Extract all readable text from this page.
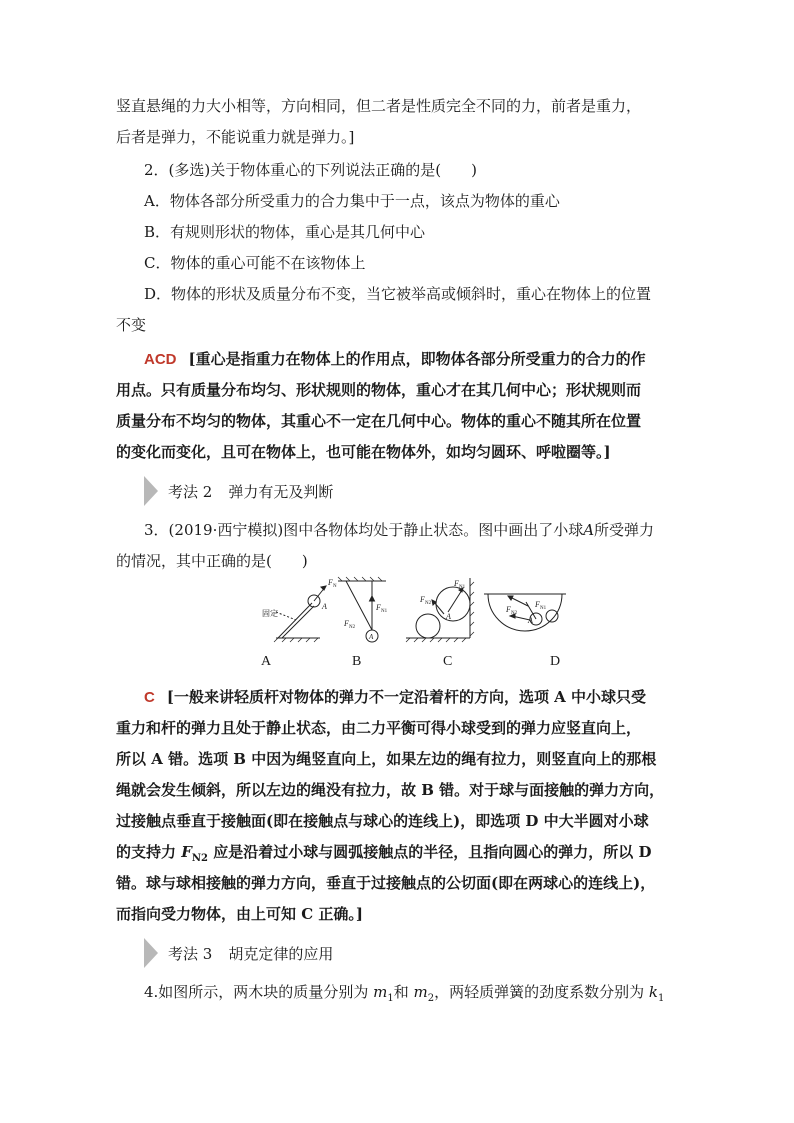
竖直悬绳的力大小相等，方向相同，但二者是性质完全不同的力，前者是重力，

后者是弹力，不能说重力就是弹力。]

2．(多选)关于物体重心的下列说法正确的是(　　)

A．物体各部分所受重力的合力集中于一点，该点为物体的重心

B．有规则形状的物体，重心是其几何中心

C．物体的重心可能不在该物体上

D．物体的形状及质量分布不变，当它被举高或倾斜时，重心在物体上的位置

不变

ACD [重心是指重力在物体上的作用点，即物体各部分所受重力的合力的作

用点。只有质量分布均匀、形状规则的物体，重心才在其几何中心；形状规则而

质量分布不均匀的物体，其重心不一定在几何中心。物体的重心不随其所在位置

的变化而变化，且可在物体上，也可能在物体外，如均匀圆环、呼啦圈等。]

考法 2 弹力有无及判断

3．(2019·西宁模拟)图中各物体均处于静止状态。图中画出了小球A所受弹力

的情况，其中正确的是(　　)

固定
A
F N
F N2
F N1
A
F N2
F N1
A
F N2
F N1
A
A	B	C	D

C [一般来讲轻质杆对物体的弹力不一定沿着杆的方向，选项 A 中小球只受

重力和杆的弹力且处于静止状态，由二力平衡可得小球受到的弹力应竖直向上，

所以 A 错。选项 B 中因为绳竖直向上，如果左边的绳有拉力，则竖直向上的那根

绳就会发生倾斜，所以左边的绳没有拉力，故 B 错。对于球与面接触的弹力方向，

过接触点垂直于接触面(即在接触点与球心的连线上)，即选项 D 中大半圆对小球

的支持力 $F_{N2}$ 应是沿着过小球与圆弧接触点的半径，且指向圆心的弹力，所以 D

错。球与球相接触的弹力方向，垂直于过接触点的公切面(即在两球心的连线上)，

而指向受力物体，由上可知 C 正确。]

考法 3 胡克定律的应用

4.如图所示，两木块的质量分别为 $m_1$和 $m_2$，两轻质弹簧的劲度系数分别为 $k_1$
